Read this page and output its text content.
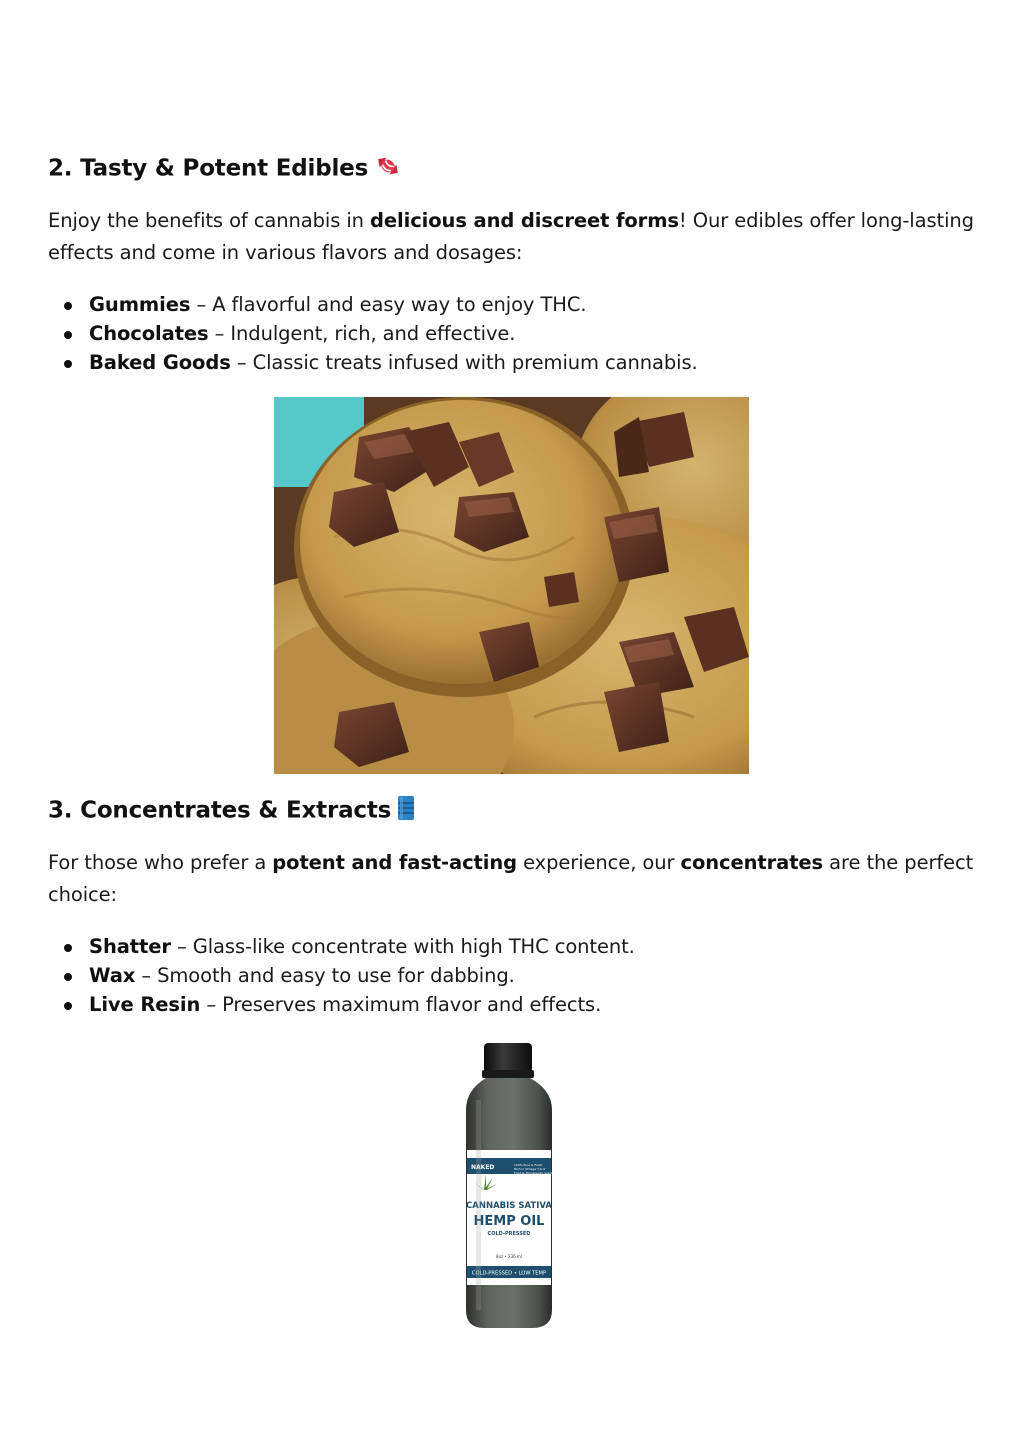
2. Tasty & Potent Edibles

Enjoy the benefits of cannabis in delicious and discreet forms! Our edibles offer long-lasting effects and come in various flavors and dosages:

Gummies – A flavorful and easy way to enjoy THC.
Chocolates – Indulgent, rich, and effective.
Baked Goods – Classic treats infused with premium cannabis.
3. Concentrates & Extracts

For those who prefer a potent and fast-acting experience, our concentrates are the perfect choice:

Shatter – Glass-like concentrate with high THC content.
Wax – Smooth and easy to use for dabbing.
Live Resin – Preserves maximum flavor and effects.
NAKED	100% Pure & Fresh
Rich in Omega 3 & 6
Food & Therapeutic Grade
CANNABIS SATIVA
HEMP OIL
COLD-PRESSED
8oz • 236 ml
COLD-PRESSED • LOW TEMP
